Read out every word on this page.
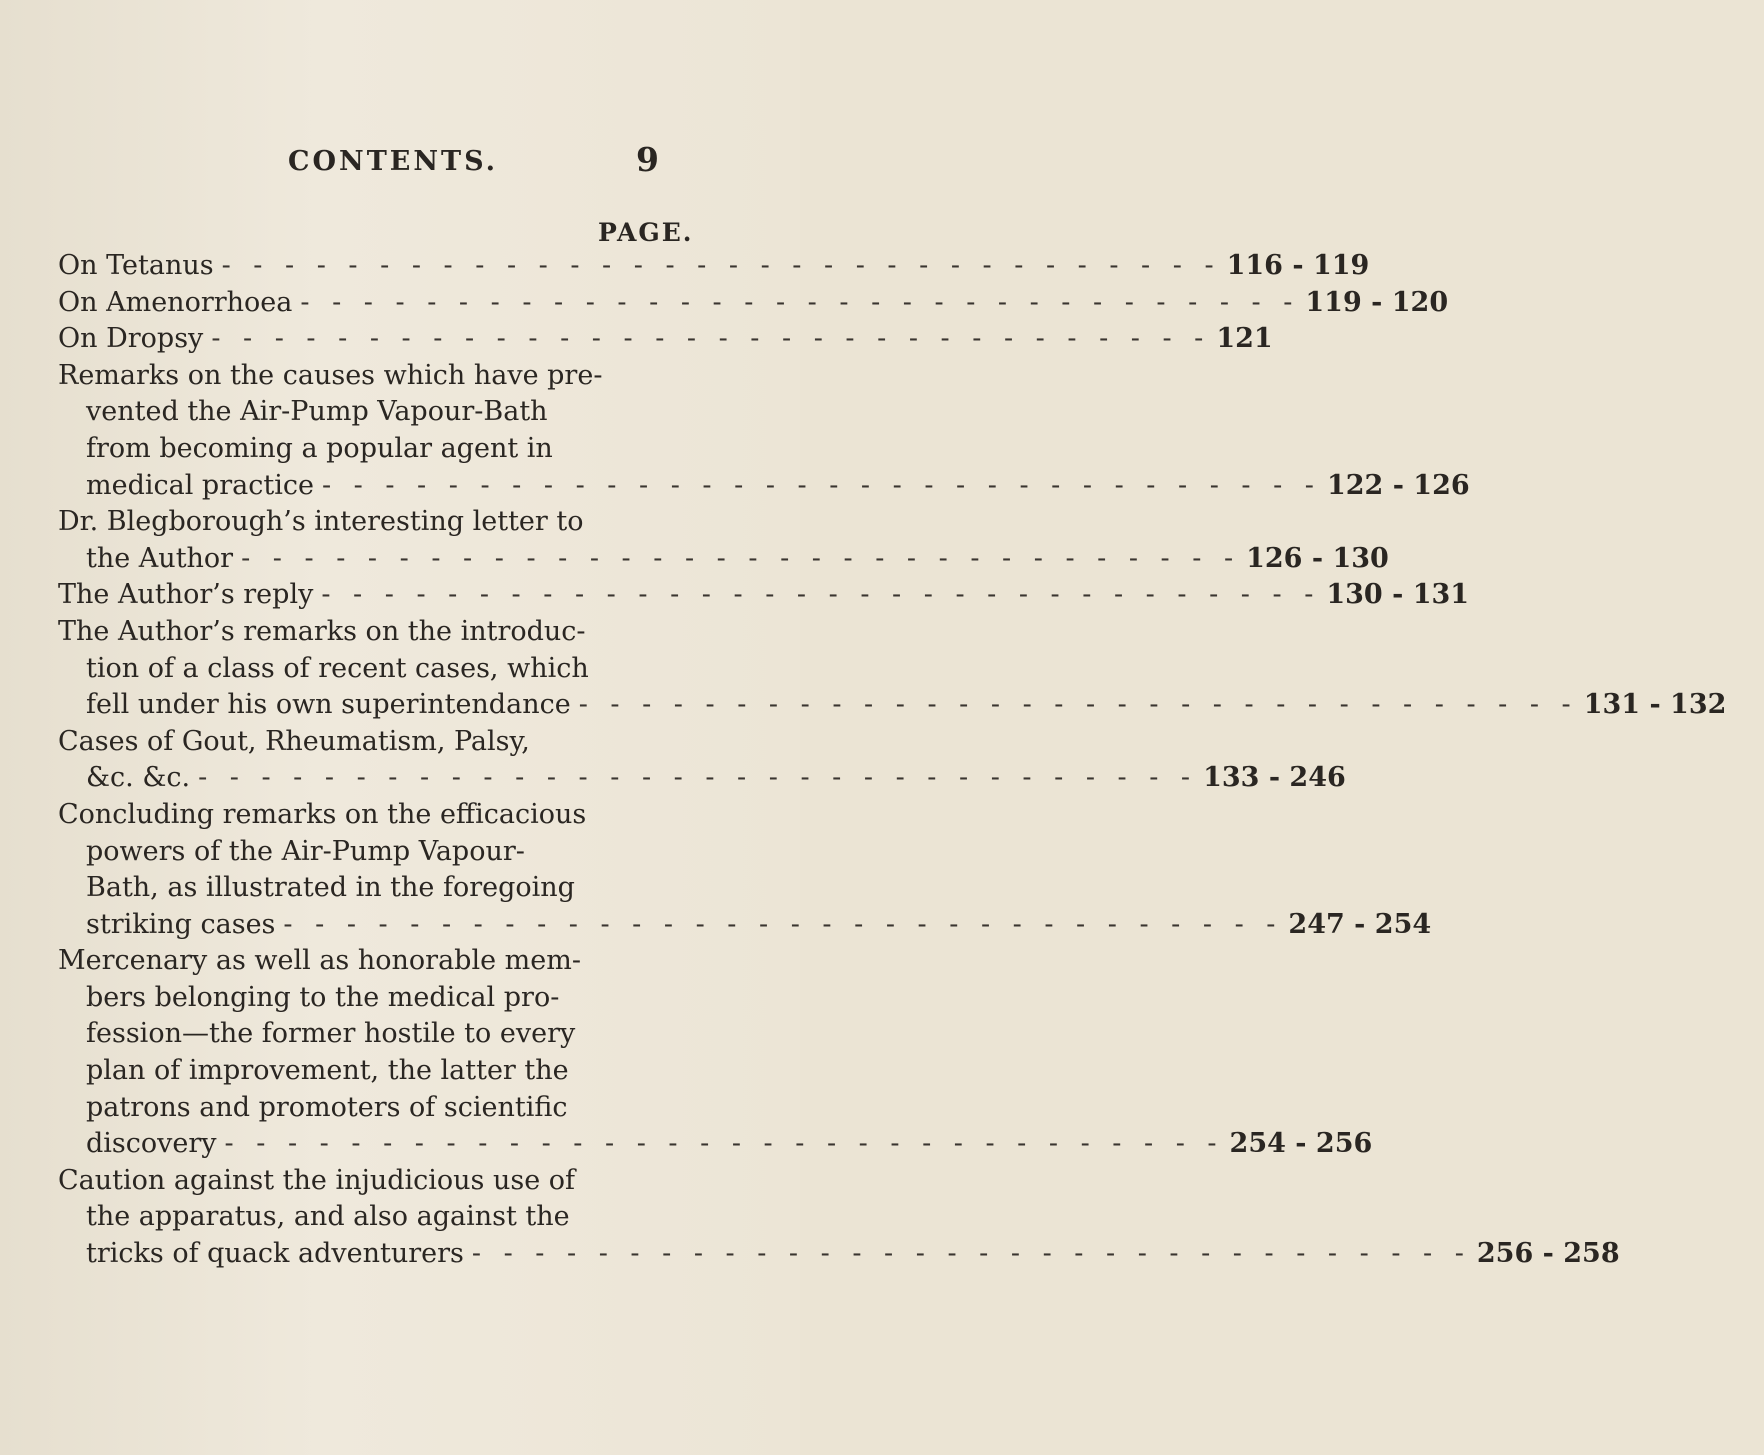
CONTENTS.	9
PAGE.
On Tetanus - - - - - - - - - - - - - - - - - - - - - - - - - - - - - - - - 116 - 119
On Amenorrhoea - - - - - - - - - - - - - - - - - - - - - - - - - - - - - - - - 119 - 120
On Dropsy - - - - - - - - - - - - - - - - - - - - - - - - - - - - - - - - 121
Remarks on the causes which have pre-
vented the Air-Pump Vapour-Bath
from becoming a popular agent in
medical practice - - - - - - - - - - - - - - - - - - - - - - - - - - - - - - - - 122 - 126
Dr. Blegborough’s interesting letter to
the Author - - - - - - - - - - - - - - - - - - - - - - - - - - - - - - - - 126 - 130
The Author’s reply - - - - - - - - - - - - - - - - - - - - - - - - - - - - - - - - 130 - 131
The Author’s remarks on the introduc-
tion of a class of recent cases, which
fell under his own superintendance - - - - - - - - - - - - - - - - - - - - - - - - - - - - - - - - 131 - 132
Cases of Gout, Rheumatism, Palsy,
&c. &c. - - - - - - - - - - - - - - - - - - - - - - - - - - - - - - - - 133 - 246
Concluding remarks on the efficacious
powers of the Air-Pump Vapour-
Bath, as illustrated in the foregoing
striking cases - - - - - - - - - - - - - - - - - - - - - - - - - - - - - - - - 247 - 254
Mercenary as well as honorable mem-
bers belonging to the medical pro-
fession—the former hostile to every
plan of improvement, the latter the
patrons and promoters of scientific
discovery - - - - - - - - - - - - - - - - - - - - - - - - - - - - - - - - 254 - 256
Caution against the injudicious use of
the apparatus, and also against the
tricks of quack adventurers - - - - - - - - - - - - - - - - - - - - - - - - - - - - - - - - 256 - 258
